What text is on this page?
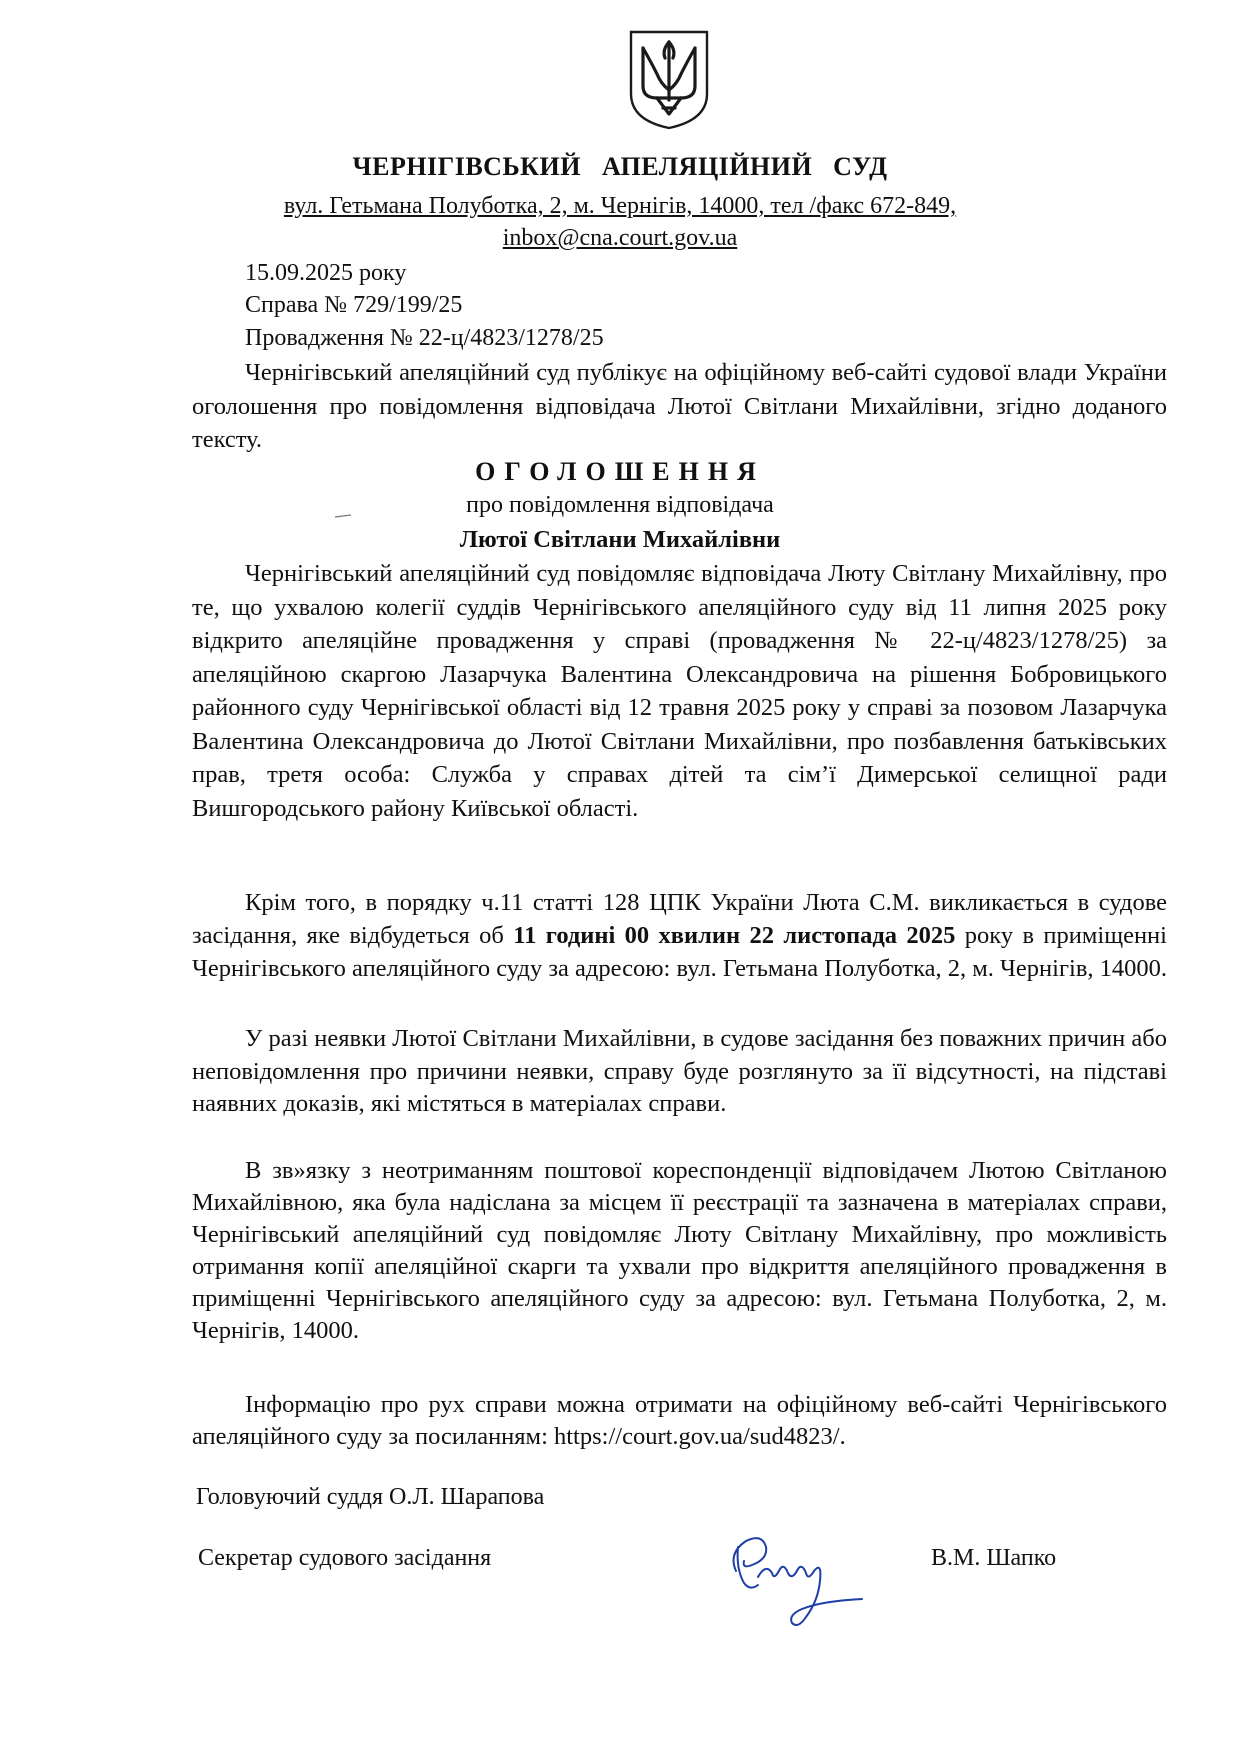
ЧЕРНІГІВСЬКИЙ АПЕЛЯЦІЙНИЙ СУД
вул. Гетьмана Полуботка, 2, м. Чернігів, 14000, тел /факс 672-849,
inbox@cna.court.gov.ua
15.09.2025 року
Справа № 729/199/25
Провадження № 22-ц/4823/1278/25
Чернігівський апеляційний суд публікує на офіційному веб-сайті судової влади України оголошення про повідомлення відповідача Лютої Світлани Михайлівни, згідно доданого тексту.
ОГОЛОШЕННЯ
про повідомлення відповідача
Лютої Світлани Михайлівни
Чернігівський апеляційний суд повідомляє відповідача Люту Світлану Михайлівну, про те, що ухвалою колегії суддів Чернігівського апеляційного суду від 11 липня 2025 року відкрито апеляційне провадження у справі (провадження № 22-ц/4823/1278/25) за апеляційною скаргою Лазарчука Валентина Олександровича на рішення Бобровицького районного суду Чернігівської області від 12 травня 2025 року у справі за позовом Лазарчука Валентина Олександровича до Лютої Світлани Михайлівни, про позбавлення батьківських прав, третя особа: Служба у справах дітей та сім’ї Димерської селищної ради Вишгородського району Київської області.
Крім того, в порядку ч.11 статті 128 ЦПК України Люта С.М. викликається в судове засідання, яке відбудеться об 11 годині 00 хвилин 22 листопада 2025 року в приміщенні Чернігівського апеляційного суду за адресою: вул. Гетьмана Полуботка, 2, м. Чернігів, 14000.
У разі неявки Лютої Світлани Михайлівни, в судове засідання без поважних причин або неповідомлення про причини неявки, справу буде розглянуто за її відсутності, на підставі наявних доказів, які містяться в матеріалах справи.
В зв»язку з неотриманням поштової кореспонденції відповідачем Лютою Світланою Михайлівною, яка була надіслана за місцем її реєстрації та зазначена в матеріалах справи, Чернігівський апеляційний суд повідомляє Люту Світлану Михайлівну, про можливість отримання копії апеляційної скарги та ухвали про відкриття апеляційного провадження в приміщенні Чернігівського апеляційного суду за адресою: вул. Гетьмана Полуботка, 2, м. Чернігів, 14000.
Інформацію про рух справи можна отримати на офіційному веб-сайті Чернігівського апеляційного суду за посиланням: https://court.gov.ua/sud4823/.
Головуючий суддя О.Л. Шарапова
Секретар судового засідання	В.М. Шапко
